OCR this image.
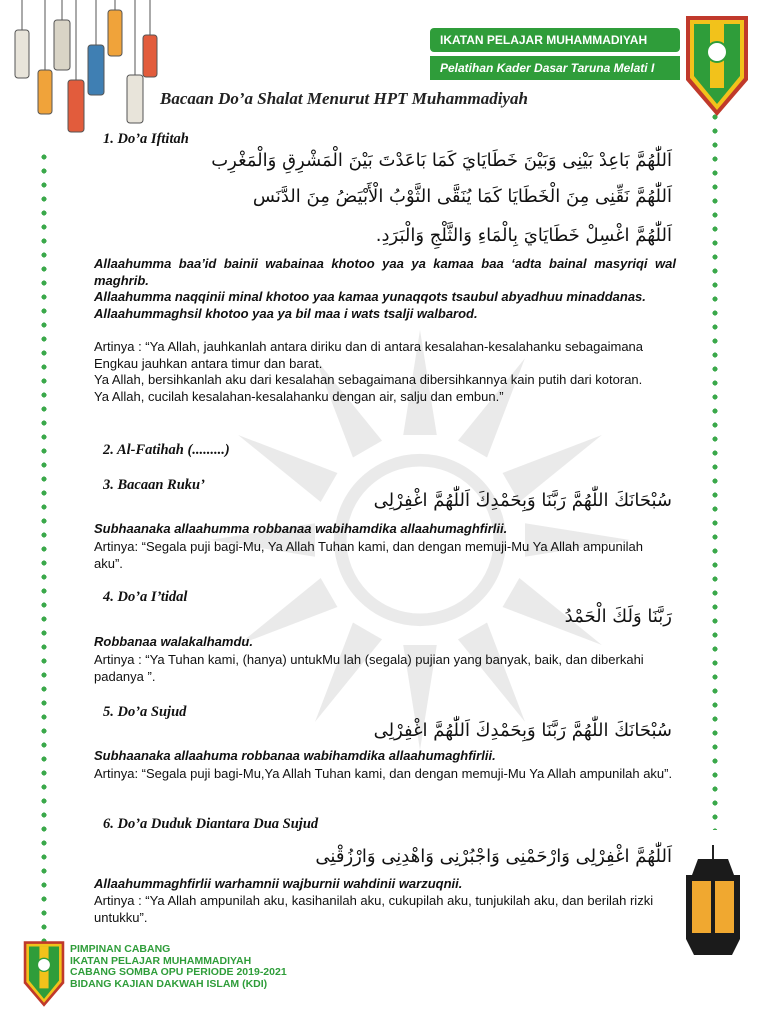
IKATAN PELAJAR MUHAMMADIYAH
Pelatihan Kader Dasar Taruna Melati I
Bacaan Do’a Shalat Menurut HPT Muhammadiyah
1. Do’a Iftitah
اَللّٰهُمَّ بَاعِدْ بَيْنِى وَبَيْنَ خَطَايَايَ كَمَا بَاعَدْتَ بَيْنَ الْمَشْرِقِ وَالْمَغْرِب
اَللّٰهُمَّ نَقِّنِى مِنَ الْخَطَايَا كَمَا يُنَقَّى الثَّوْبُ الْأَبْيَضُ مِنَ الدَّنَس
اَللّٰهُمَّ اغْسِلْ خَطَايَايَ بِالْمَاءِ وَالثَّلْجِ وَالْبَرَدِ.
Allaahumma baa’id bainii wabainaa khotoo yaa ya kamaa baa ‘adta bainal masyriqi wal maghrib.
Allaahumma naqqinii minal khotoo yaa kamaa yunaqqots tsaubul abyadhuu minaddanas.
Allaahummaghsil khotoo yaa ya bil maa i wats tsalji walbarod.
Artinya : “Ya Allah, jauhkanlah antara diriku dan di antara kesalahan-kesalahanku sebagaimana Engkau jauhkan antara timur dan barat.
Ya Allah, bersihkanlah aku dari kesalahan sebagaimana dibersihkannya kain putih dari kotoran.
Ya Allah, cucilah kesalahan-kesalahanku dengan air, salju dan embun.”
2. Al-Fatihah (.........)
3. Bacaan Ruku’
سُبْحَانَكَ اللّٰهُمَّ رَبَّنَا وَبِحَمْدِكَ اَللّٰهُمَّ اغْفِرْلِى
Subhaanaka allaahumma robbanaa wabihamdika allaahumaghfirlii.
Artinya: “Segala puji bagi-Mu, Ya Allah Tuhan kami, dan dengan memuji-Mu Ya Allah ampunilah aku”.
4. Do’a I’tidal
رَبَّنَا وَلَكَ الْحَمْدُ
Robbanaa walakalhamdu.
Artinya : “Ya Tuhan kami, (hanya) untukMu lah (segala) pujian yang banyak, baik, dan diberkahi padanya ”.
5. Do’a Sujud
سُبْحَانَكَ اللّٰهُمَّ رَبَّنَا وَبِحَمْدِكَ اَللّٰهُمَّ اغْفِرْلِى
Subhaanaka allaahuma robbanaa wabihamdika allaahumaghfirlii.
Artinya: “Segala puji bagi-Mu,Ya Allah Tuhan kami, dan dengan memuji-Mu Ya Allah ampunilah aku”.
6. Do’a Duduk Diantara Dua Sujud
اَللّٰهُمَّ اغْفِرْلِى وَارْحَمْنِى وَاجْبُرْنِى وَاهْدِنِى وَارْزُقْنِى
Allaahummaghfirlii warhamnii wajburnii wahdinii warzuqnii.
Artinya : “Ya Allah ampunilah aku, kasihanilah aku, cukupilah aku, tunjukilah aku, dan berilah rizki untukku”.
PIMPINAN CABANG
IKATAN PELAJAR MUHAMMADIYAH
CABANG SOMBA OPU PERIODE 2019-2021
BIDANG KAJIAN DAKWAH ISLAM (KDI)
